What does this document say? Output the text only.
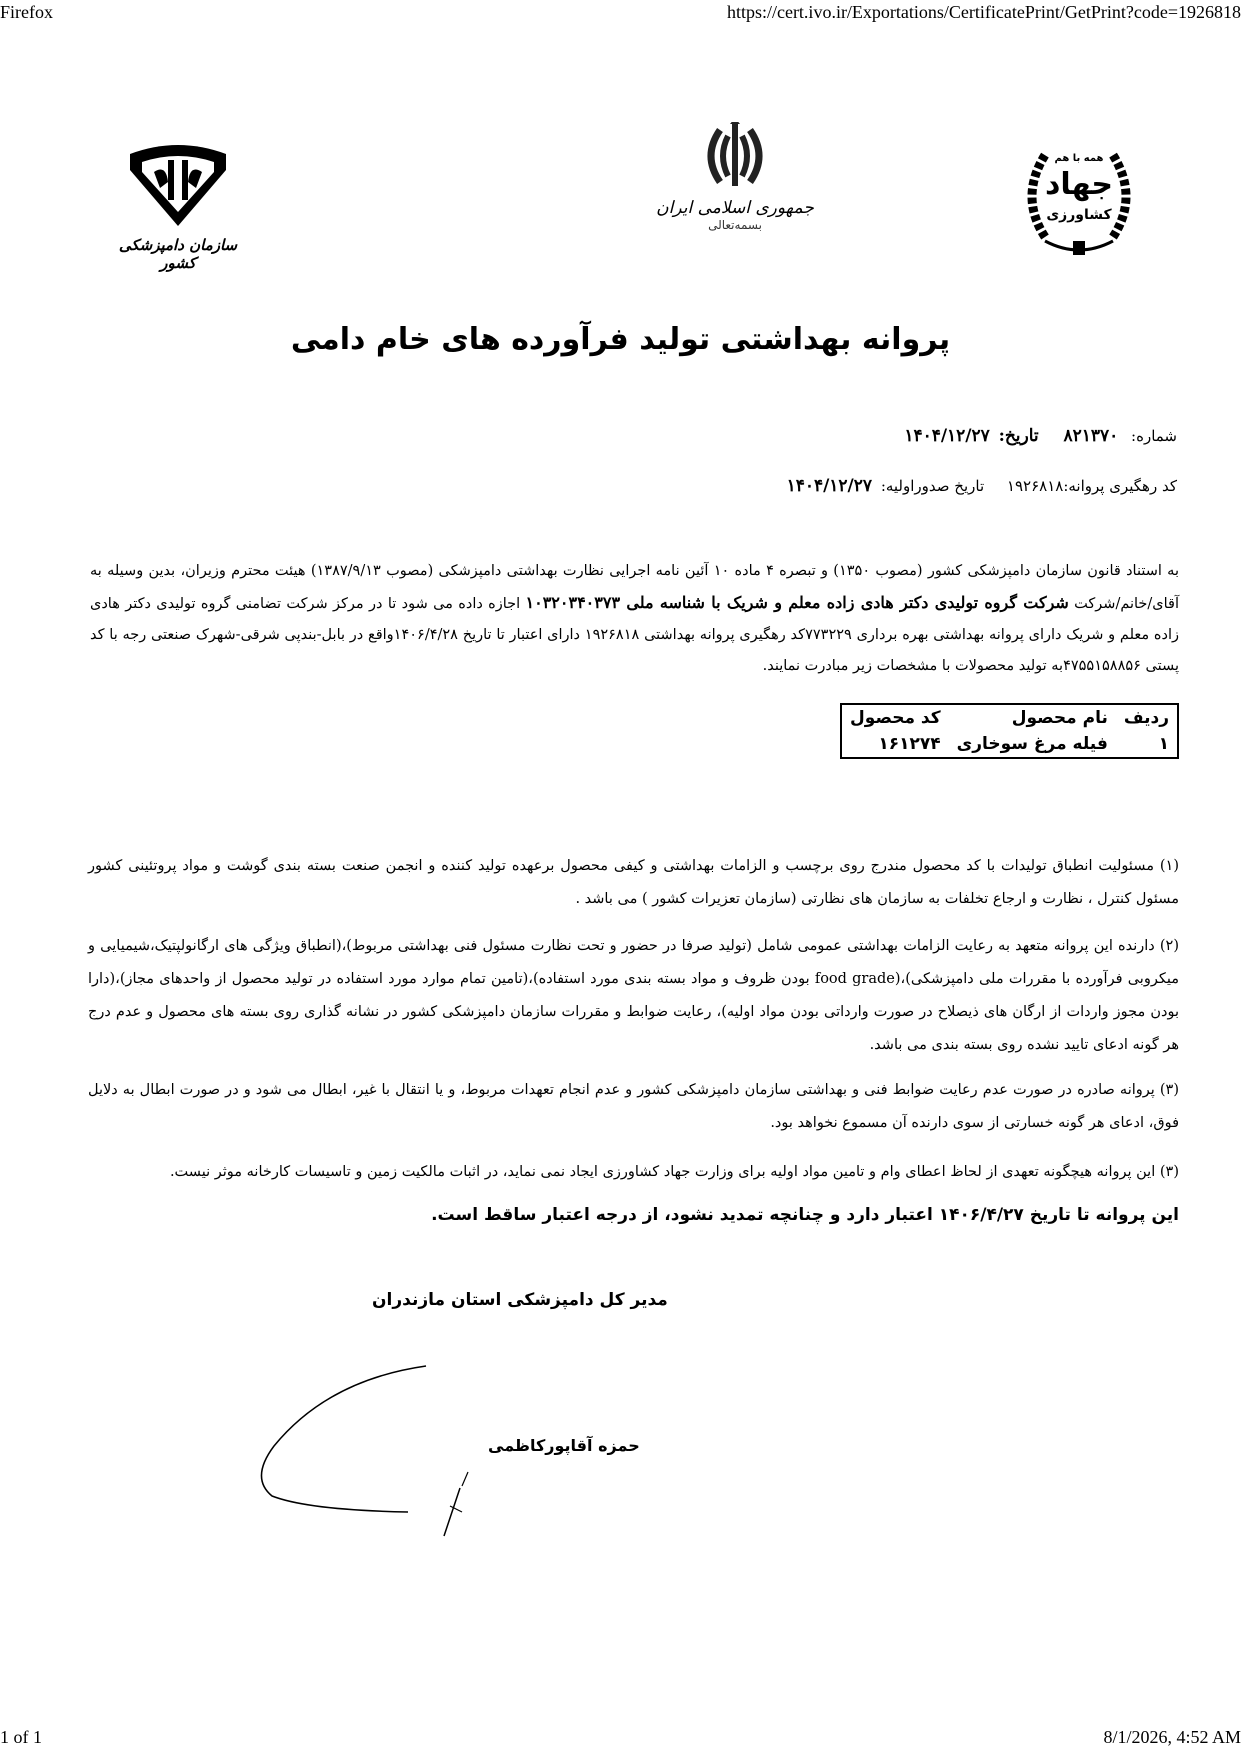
Firefox	https://cert.ivo.ir/Exportations/CertificatePrint/GetPrint?code=1926818
1 of 1	8/1/2026, 4:52 AM
سازمان دامپزشکی کشور
جمهوری اسلامی ایران
بسمه‌تعالی
همه با هم
جهاد
کشاورزی
پروانه بهداشتی تولید فرآورده های خام دامی
شماره: ۸۲۱۳۷۰ تاریخ: ۱۴۰۴/۱۲/۲۷
کد رهگیری پروانه:۱۹۲۶۸۱۸ تاریخ صدوراولیه: ۱۴۰۴/۱۲/۲۷
به استناد قانون سازمان دامپزشکی کشور (مصوب ۱۳۵۰) و تبصره ۴ ماده ۱۰ آئین نامه اجرایی نظارت بهداشتی دامپزشکی (مصوب ۱۳۸۷/۹/۱۳) هیئت محترم وزیران، بدین وسیله به آقای/خانم/شرکت شرکت گروه تولیدی دکتر هادی زاده معلم و شریک با شناسه ملی ۱۰۳۲۰۳۴۰۳۷۳ اجازه داده می شود تا در مرکز شرکت تضامنی گروه تولیدی دکتر هادی زاده معلم و شریک دارای پروانه بهداشتی بهره برداری ۷۷۳۲۲۹کد رهگیری پروانه بهداشتی ۱۹۲۶۸۱۸ دارای اعتبار تا تاریخ ۱۴۰۶/۴/۲۸واقع در بابل-بندپی شرقی-شهرک صنعتی رجه با کد پستی ۴۷۵۵۱۵۸۸۵۶به تولید محصولات با مشخصات زیر مبادرت نمایند.
ردیف	نام محصول	کد محصول
۱	فیله مرغ سوخاری	۱۶۱۲۷۴
(۱) مسئولیت انطباق تولیدات با کد محصول مندرج روی برچسب و الزامات بهداشتی و کیفی محصول برعهده تولید کننده و انجمن صنعت بسته بندی گوشت و مواد پروتئینی کشور مسئول کنترل ، نظارت و ارجاع تخلفات به سازمان های نظارتی (سازمان تعزیرات کشور ) می باشد .
(۲) دارنده این پروانه متعهد به رعایت الزامات بهداشتی عمومی شامل (تولید صرفا در حضور و تحت نظارت مسئول فنی بهداشتی مربوط)،(انطباق ویژگی های ارگانولپتیک،شیمیایی و میکروبی فرآورده با مقررات ملی دامپزشکی)،(food grade بودن ظروف و مواد بسته بندی مورد استفاده)،(تامین تمام موارد مورد استفاده در تولید محصول از واحدهای مجاز)،(دارا بودن مجوز واردات از ارگان های ذیصلاح در صورت وارداتی بودن مواد اولیه)، رعایت ضوابط و مقررات سازمان دامپزشکی کشور در نشانه گذاری روی بسته های محصول و عدم درج هر گونه ادعای تایید نشده روی بسته بندی می باشد.
(۳) پروانه صادره در صورت عدم رعایت ضوابط فنی و بهداشتی سازمان دامپزشکی کشور و عدم انجام تعهدات مربوط، و یا انتقال با غیر، ابطال می شود و در صورت ابطال به دلایل فوق، ادعای هر گونه خسارتی از سوی دارنده آن مسموع نخواهد بود.
(۳) این پروانه هیچگونه تعهدی از لحاظ اعطای وام و تامین مواد اولیه برای وزارت جهاد کشاورزی ایجاد نمی نماید، در اثبات مالکیت زمین و تاسیسات کارخانه موثر نیست.
این پروانه تا تاریخ ۱۴۰۶/۴/۲۷ اعتبار دارد و چنانچه تمدید نشود، از درجه اعتبار ساقط است.
مدیر کل دامپزشکی استان مازندران
حمزه آقاپورکاظمی
